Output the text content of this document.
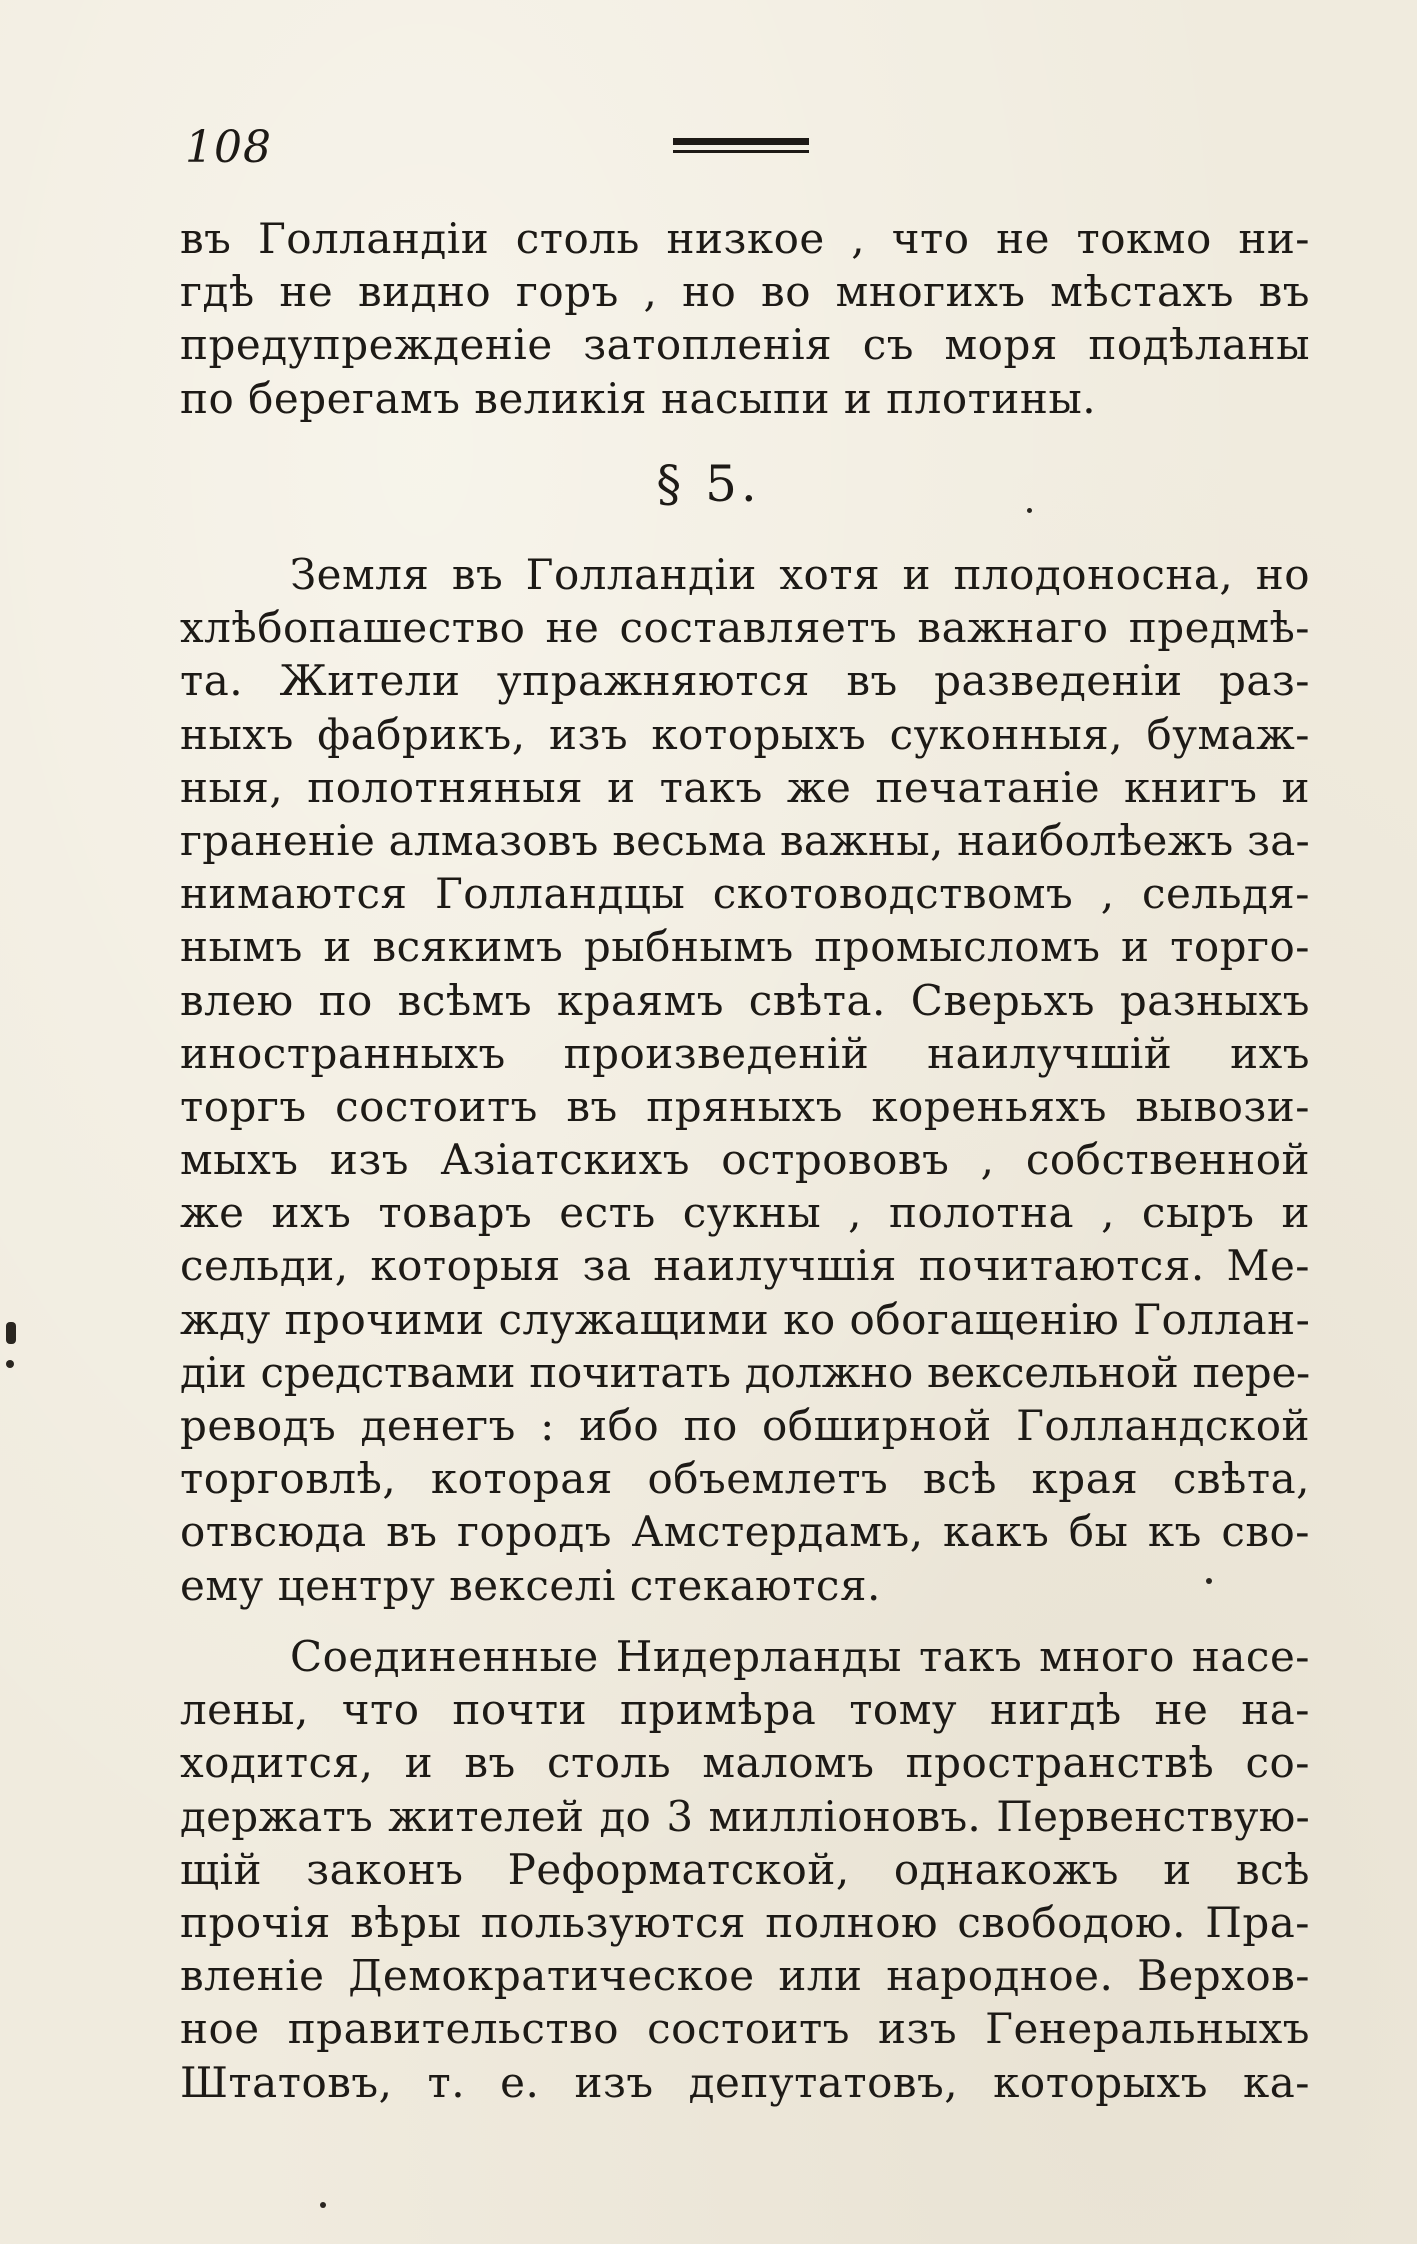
108
въ Голландіи столь низкое , что не токмо ни-
гдѣ не видно горъ , но во многихъ мѣстахъ въ
предупрежденіе затопленія съ моря подѣланы
по берегамъ великія насыпи и плотины.
§ 5.
Земля въ Голландіи хотя и плодоносна, но
хлѣбопашество не составляетъ важнаго предмѣ-
та. Жители упражняются въ разведеніи раз-
ныхъ фабрикъ, изъ которыхъ суконныя, бумаж-
ныя, полотняныя и такъ же печатаніе книгъ и
граненіе алмазовъ весьма важны, наиболѣежъ за-
нимаются Голландцы скотоводствомъ , сельдя-
нымъ и всякимъ рыбнымъ промысломъ и торго-
влею по всѣмъ краямъ свѣта. Сверьхъ разныхъ
иностранныхъ произведеній наилучшій ихъ
торгъ состоитъ въ пряныхъ кореньяхъ вывози-
мыхъ изъ Азіатскихъ острововъ , собственной
же ихъ товаръ есть сукны , полотна , сыръ и
сельди, которыя за наилучшія почитаются. Ме-
жду прочими служащими ко обогащенію Голлан-
діи средствами почитать должно вексельной пере-
реводъ денегъ : ибо по обширной Голландской
торговлѣ, которая объемлетъ всѣ края свѣта,
отвсюда въ городъ Амстердамъ, какъ бы къ сво-
ему центру векселі стекаются.
Соединенные Нидерланды такъ много насе-
лены, что почти примѣра тому нигдѣ не на-
ходится, и въ столь маломъ пространствѣ со-
держатъ жителей до 3 милліоновъ. Первенствую-
щій законъ Реформатской, однакожъ и всѣ
прочія вѣры пользуются полною свободою. Пра-
вленіе Демократическое или народное. Верхов-
ное правительство состоитъ изъ Генеральныхъ
Штатовъ, т. е. изъ депутатовъ, которыхъ ка-
